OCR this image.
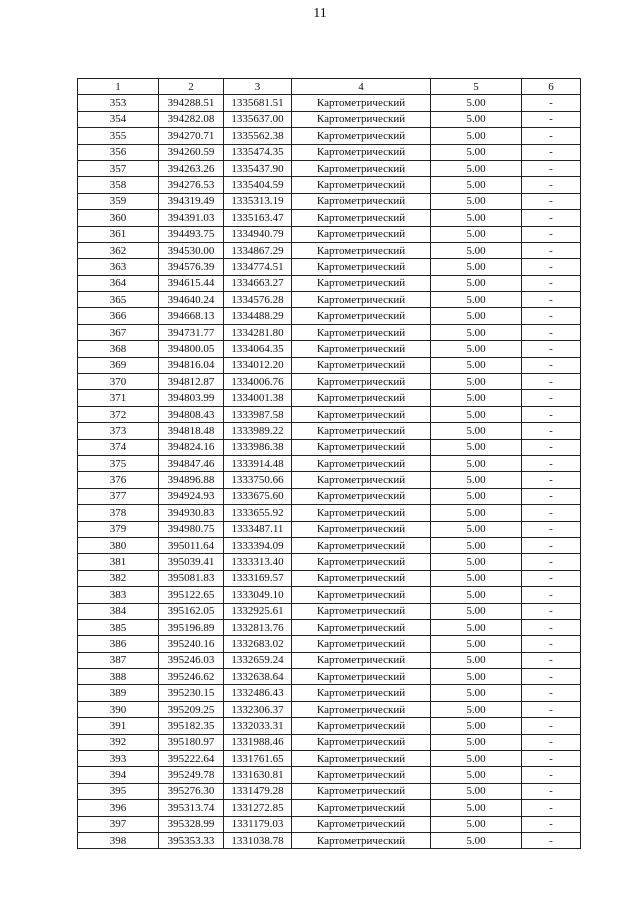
11
1	2	3	4	5	6
353	394288.51	1335681.51	Картометрический	5.00	-
354	394282.08	1335637.00	Картометрический	5.00	-
355	394270.71	1335562.38	Картометрический	5.00	-
356	394260.59	1335474.35	Картометрический	5.00	-
357	394263.26	1335437.90	Картометрический	5.00	-
358	394276.53	1335404.59	Картометрический	5.00	-
359	394319.49	1335313.19	Картометрический	5.00	-
360	394391.03	1335163.47	Картометрический	5.00	-
361	394493.75	1334940.79	Картометрический	5.00	-
362	394530.00	1334867.29	Картометрический	5.00	-
363	394576.39	1334774.51	Картометрический	5.00	-
364	394615.44	1334663.27	Картометрический	5.00	-
365	394640.24	1334576.28	Картометрический	5.00	-
366	394668.13	1334488.29	Картометрический	5.00	-
367	394731.77	1334281.80	Картометрический	5.00	-
368	394800.05	1334064.35	Картометрический	5.00	-
369	394816.04	1334012.20	Картометрический	5.00	-
370	394812.87	1334006.76	Картометрический	5.00	-
371	394803.99	1334001.38	Картометрический	5.00	-
372	394808.43	1333987.58	Картометрический	5.00	-
373	394818.48	1333989.22	Картометрический	5.00	-
374	394824.16	1333986.38	Картометрический	5.00	-
375	394847.46	1333914.48	Картометрический	5.00	-
376	394896.88	1333750.66	Картометрический	5.00	-
377	394924.93	1333675.60	Картометрический	5.00	-
378	394930.83	1333655.92	Картометрический	5.00	-
379	394980.75	1333487.11	Картометрический	5.00	-
380	395011.64	1333394.09	Картометрический	5.00	-
381	395039.41	1333313.40	Картометрический	5.00	-
382	395081.83	1333169.57	Картометрический	5.00	-
383	395122.65	1333049.10	Картометрический	5.00	-
384	395162.05	1332925.61	Картометрический	5.00	-
385	395196.89	1332813.76	Картометрический	5.00	-
386	395240.16	1332683.02	Картометрический	5.00	-
387	395246.03	1332659.24	Картометрический	5.00	-
388	395246.62	1332638.64	Картометрический	5.00	-
389	395230.15	1332486.43	Картометрический	5.00	-
390	395209.25	1332306.37	Картометрический	5.00	-
391	395182.35	1332033.31	Картометрический	5.00	-
392	395180.97	1331988.46	Картометрический	5.00	-
393	395222.64	1331761.65	Картометрический	5.00	-
394	395249.78	1331630.81	Картометрический	5.00	-
395	395276.30	1331479.28	Картометрический	5.00	-
396	395313.74	1331272.85	Картометрический	5.00	-
397	395328.99	1331179.03	Картометрический	5.00	-
398	395353.33	1331038.78	Картометрический	5.00	-
